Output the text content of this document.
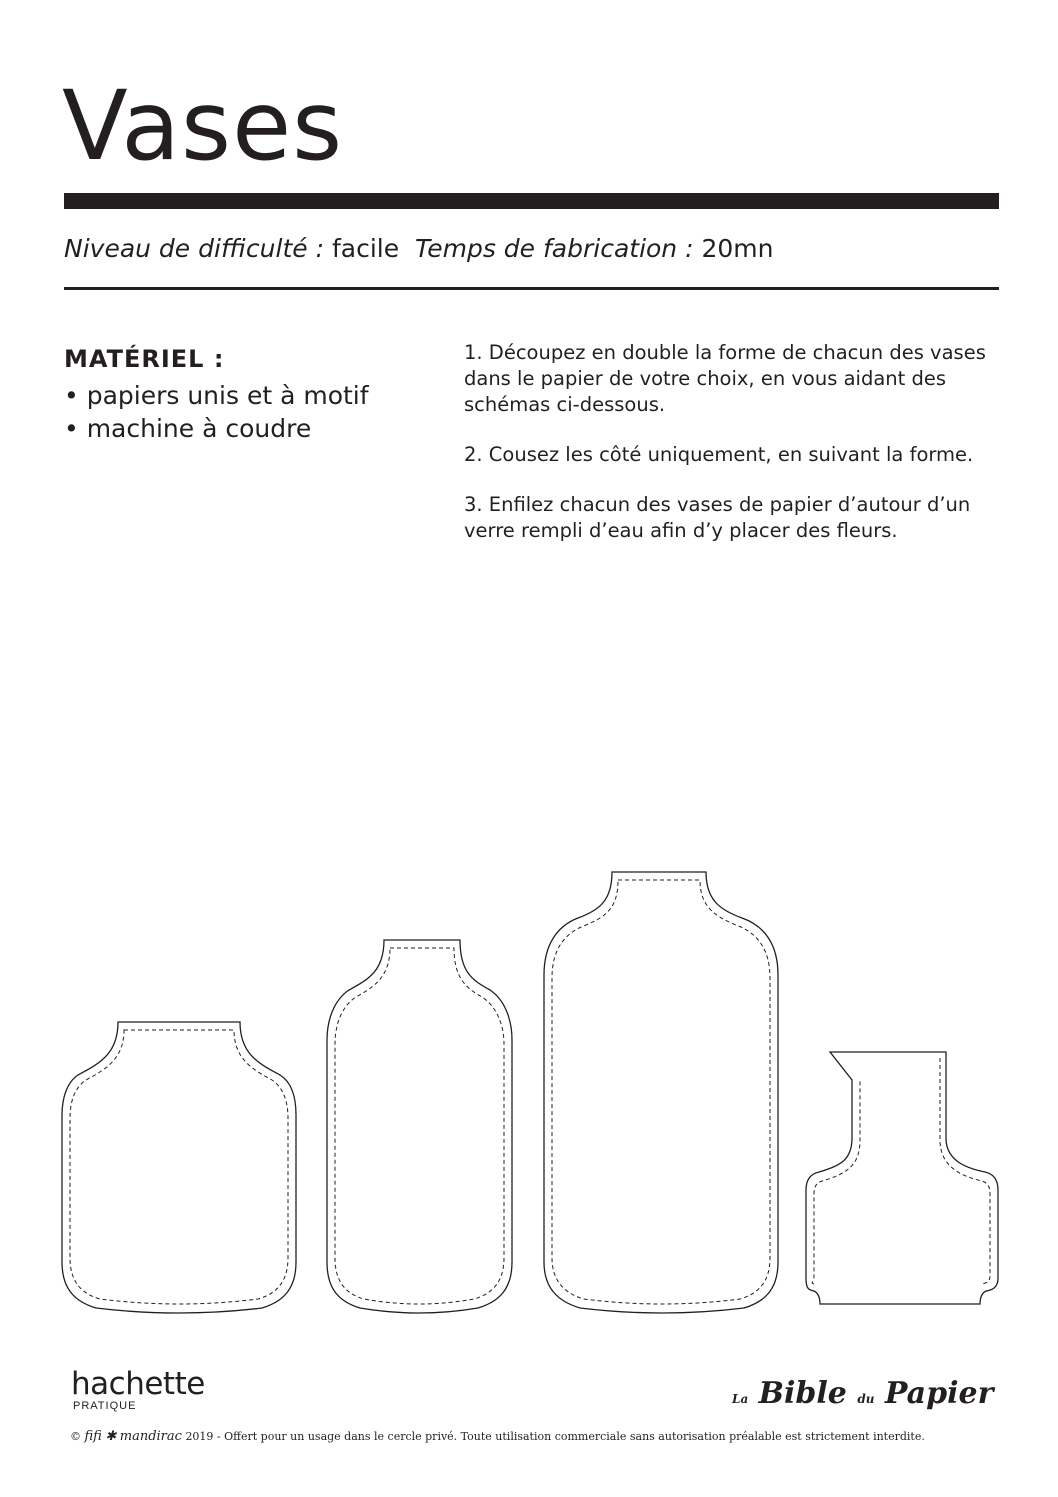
Vases
Niveau de difficulté : facile Temps de fabrication : 20mn
MATÉRIEL :
• papiers unis et à motif
• machine à coudre

1. Découpez en double la forme de chacun des vases dans le papier de votre choix, en vous aidant des schémas ci-dessous.

2. Cousez les côté uniquement, en suivant la forme.

3. Enfilez chacun des vases de papier d’autour d’un verre rempli d’eau afin d’y placer des fleurs.

hachette
PRATIQUE	La Bible du Papier
© fifi ✱ mandirac 2019 - Offert pour un usage dans le cercle privé. Toute utilisation commerciale sans autorisation préalable est strictement interdite.
